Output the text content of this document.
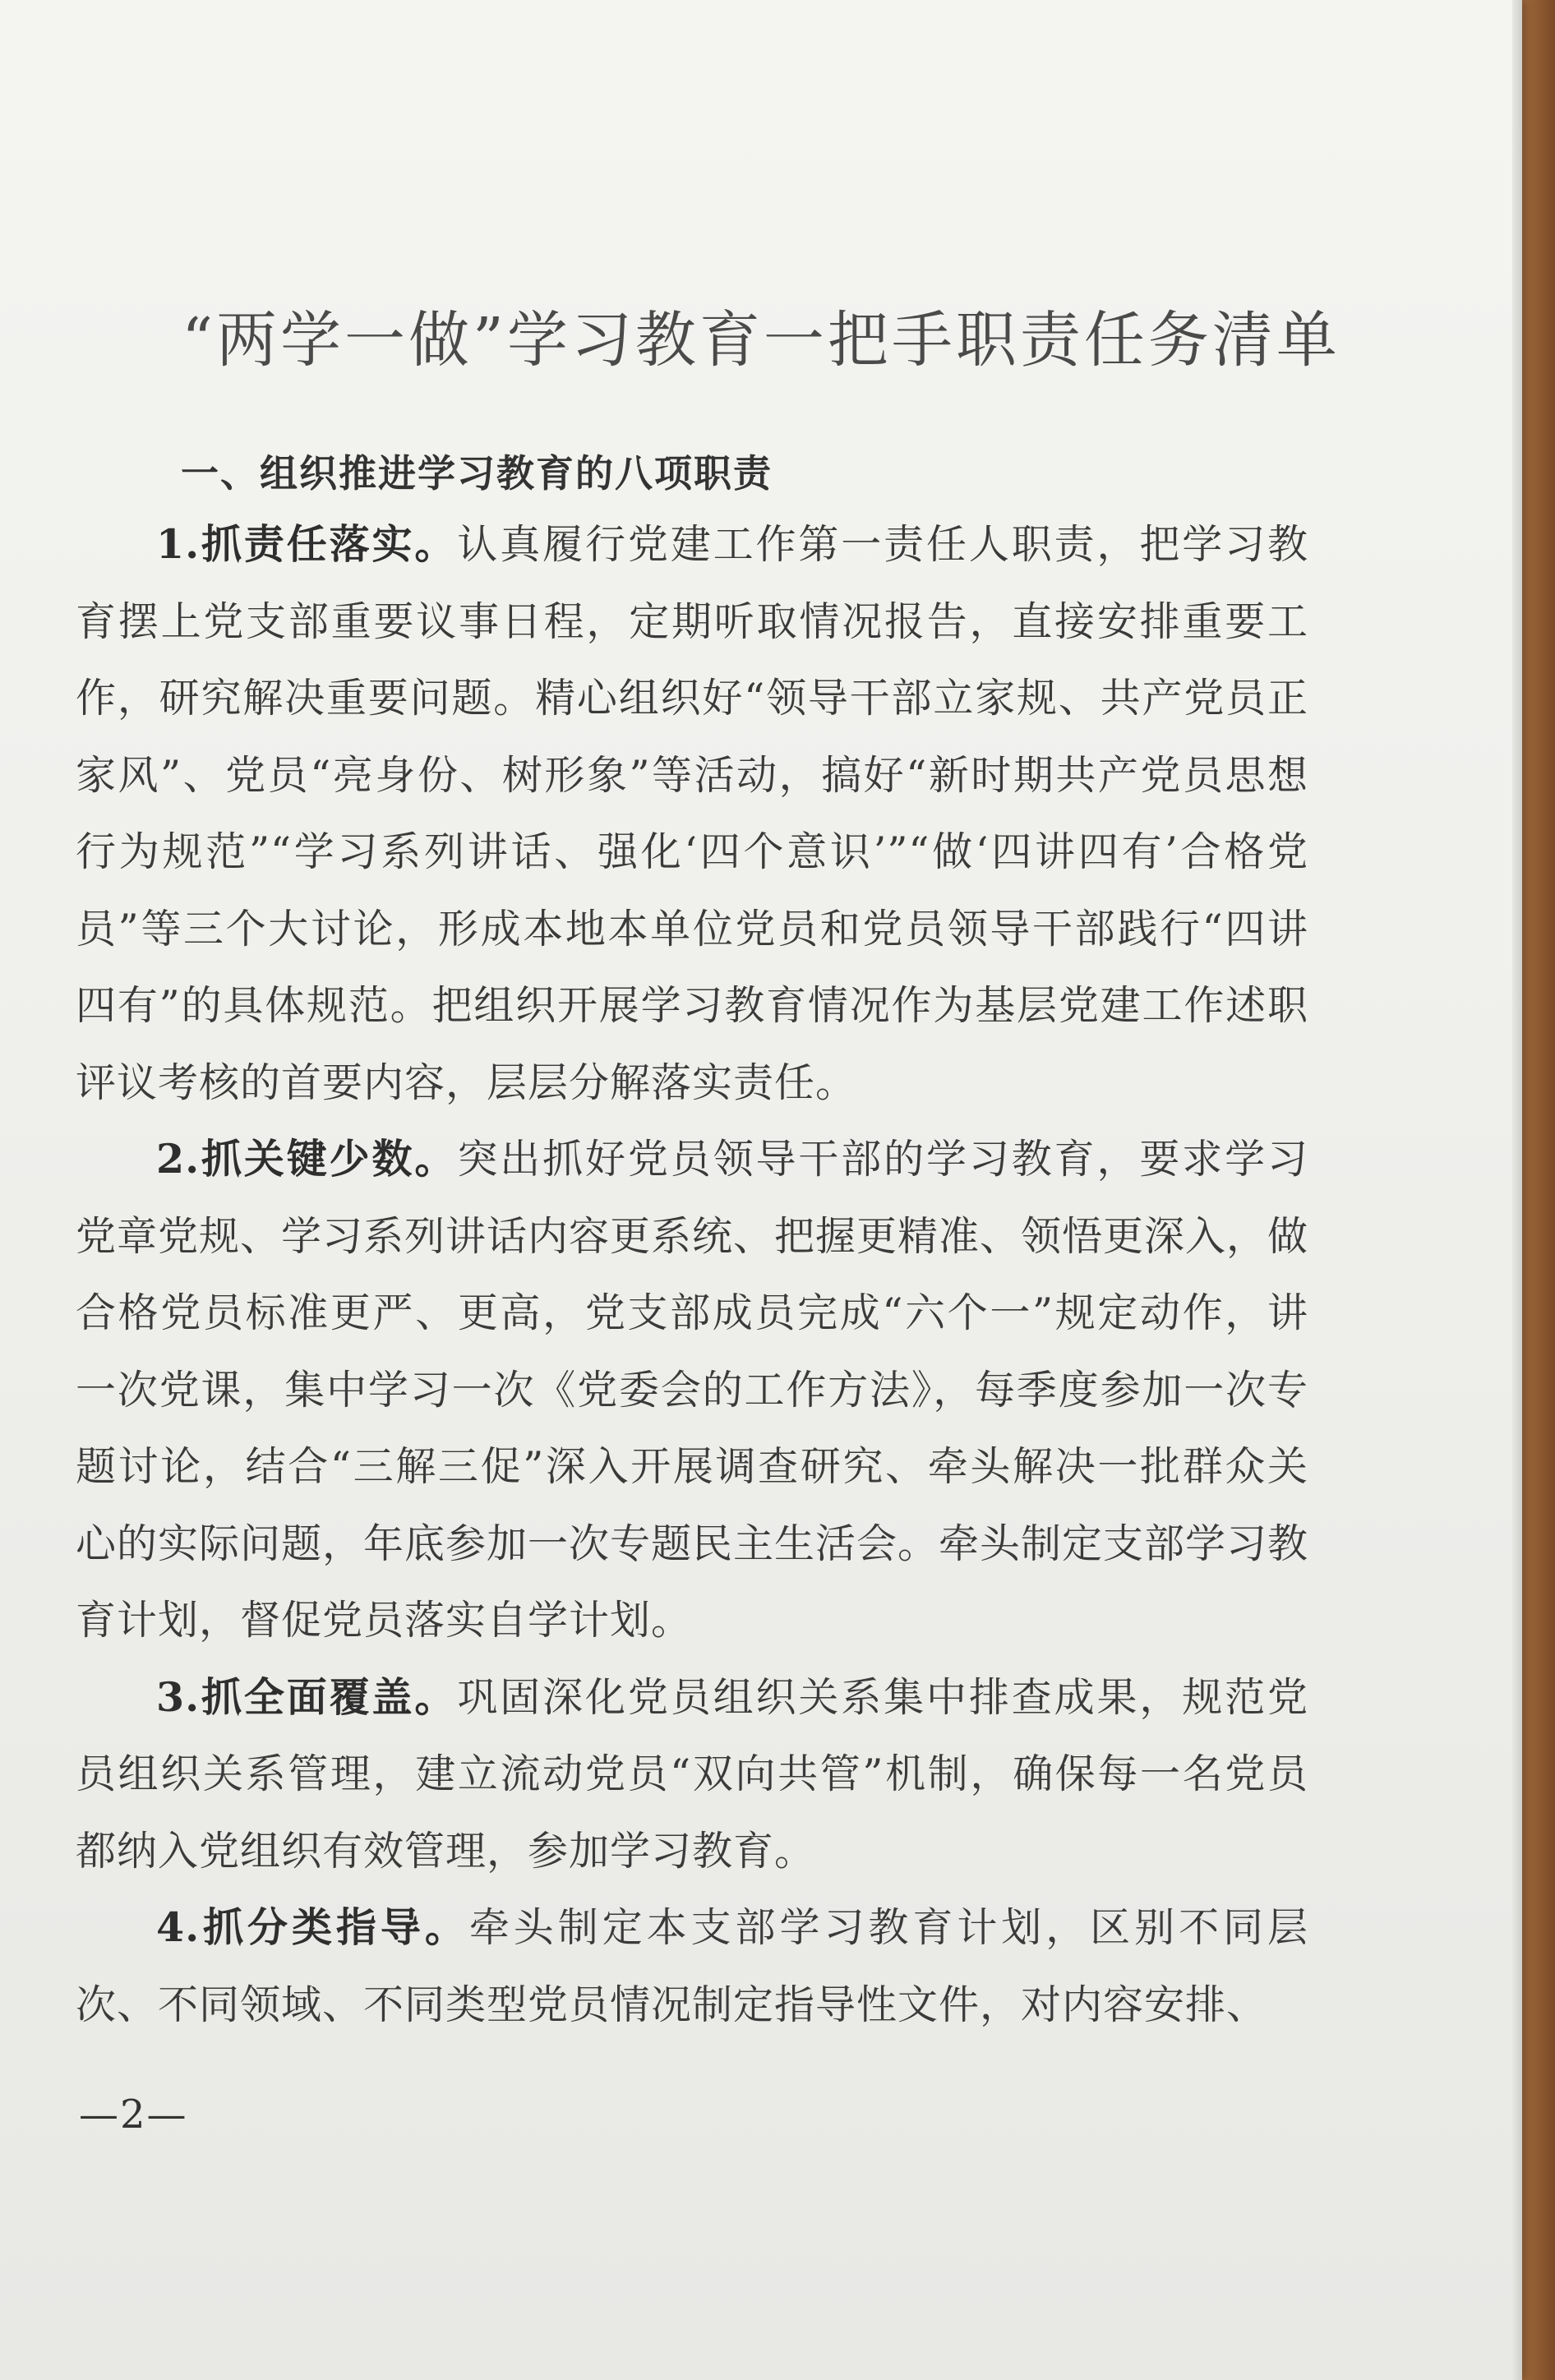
“两学一做”学习教育一把手职责任务清单
一、组织推进学习教育的八项职责

1.抓责任落实。认真履行党建工作第一责任人职责，把学习教育摆上党支部重要议事日程，定期听取情况报告，直接安排重要工作，研究解决重要问题。精心组织好“领导干部立家规、共产党员正家风”、党员“亮身份、树形象”等活动，搞好“新时期共产党员思想行为规范”“学习系列讲话、强化‘四个意识’”“做‘四讲四有’合格党员”等三个大讨论，形成本地本单位党员和党员领导干部践行“四讲四有”的具体规范。把组织开展学习教育情况作为基层党建工作述职评议考核的首要内容，层层分解落实责任。

2.抓关键少数。突出抓好党员领导干部的学习教育，要求学习党章党规、学习系列讲话内容更系统、把握更精准、领悟更深入，做合格党员标准更严、更高，党支部成员完成“六个一”规定动作，讲一次党课，集中学习一次《党委会的工作方法》，每季度参加一次专题讨论，结合“三解三促”深入开展调查研究、牵头解决一批群众关心的实际问题，年底参加一次专题民主生活会。牵头制定支部学习教育计划，督促党员落实自学计划。

3.抓全面覆盖。巩固深化党员组织关系集中排查成果，规范党员组织关系管理，建立流动党员“双向共管”机制，确保每一名党员都纳入党组织有效管理，参加学习教育。

4.抓分类指导。牵头制定本支部学习教育计划，区别不同层次、不同领域、不同类型党员情况制定指导性文件，对内容安排、

—2—
